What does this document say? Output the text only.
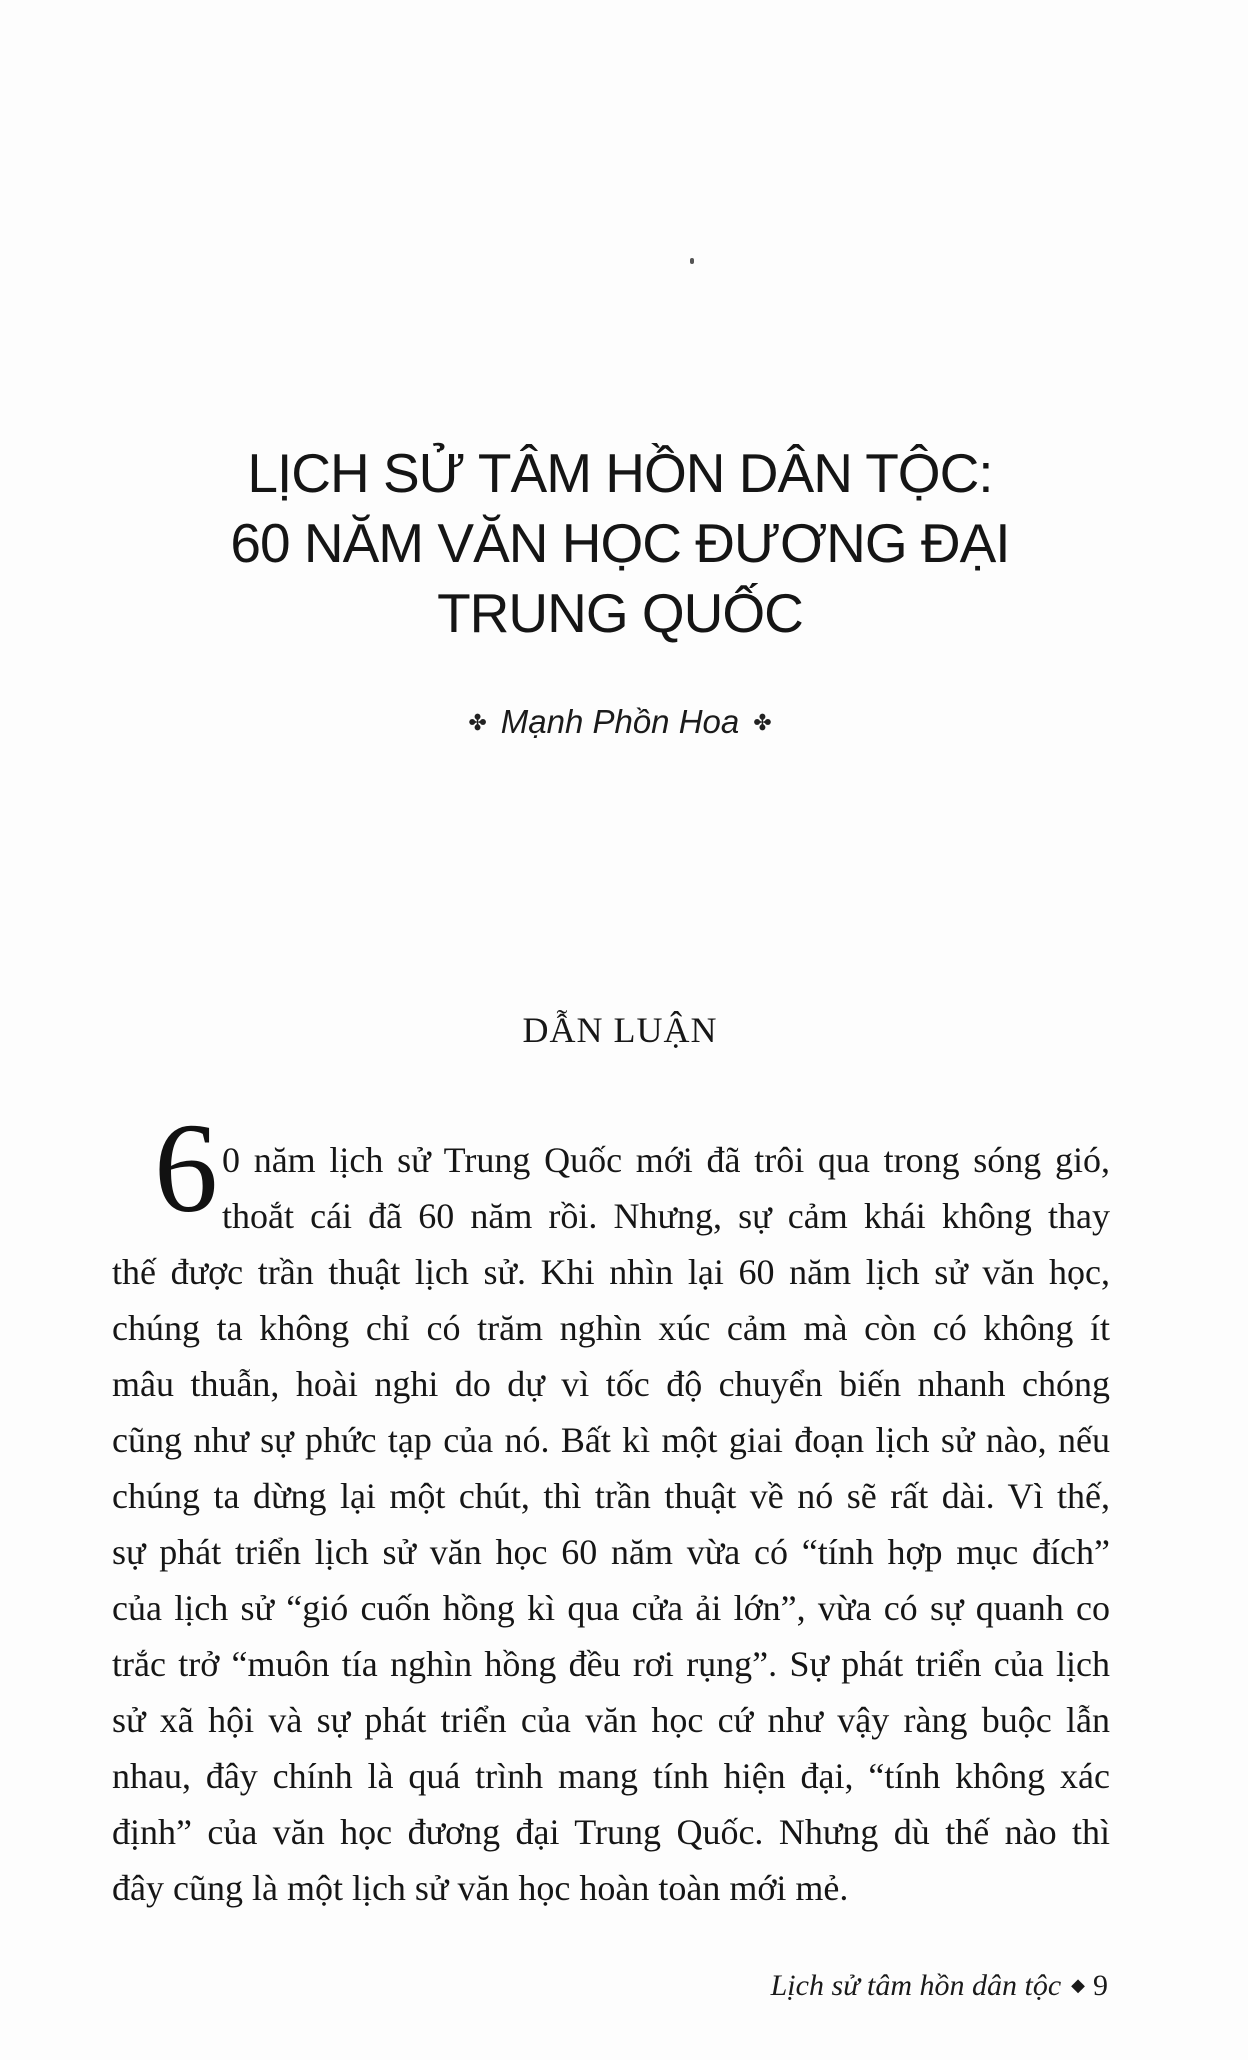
LỊCH SỬ TÂM HỒN DÂN TỘC:
60 NĂM VĂN HỌC ĐƯƠNG ĐẠI
TRUNG QUỐC
✤ Mạnh Phồn Hoa ✤
DẪN LUẬN
6 0 năm lịch sử Trung Quốc mới đã trôi qua trong sóng gió,
thoắt cái đã 60 năm rồi. Nhưng, sự cảm khái không thay
thế được trần thuật lịch sử. Khi nhìn lại 60 năm lịch sử văn học,
chúng ta không chỉ có trăm nghìn xúc cảm mà còn có không ít
mâu thuẫn, hoài nghi do dự vì tốc độ chuyển biến nhanh chóng
cũng như sự phức tạp của nó. Bất kì một giai đoạn lịch sử nào, nếu
chúng ta dừng lại một chút, thì trần thuật về nó sẽ rất dài. Vì thế,
sự phát triển lịch sử văn học 60 năm vừa có “tính hợp mục đích”
của lịch sử “gió cuốn hồng kì qua cửa ải lớn”, vừa có sự quanh co
trắc trở “muôn tía nghìn hồng đều rơi rụng”. Sự phát triển của lịch
sử xã hội và sự phát triển của văn học cứ như vậy ràng buộc lẫn
nhau, đây chính là quá trình mang tính hiện đại, “tính không xác
định” của văn học đương đại Trung Quốc. Nhưng dù thế nào thì
đây cũng là một lịch sử văn học hoàn toàn mới mẻ.
Lịch sử tâm hồn dân tộc ◆ 9
